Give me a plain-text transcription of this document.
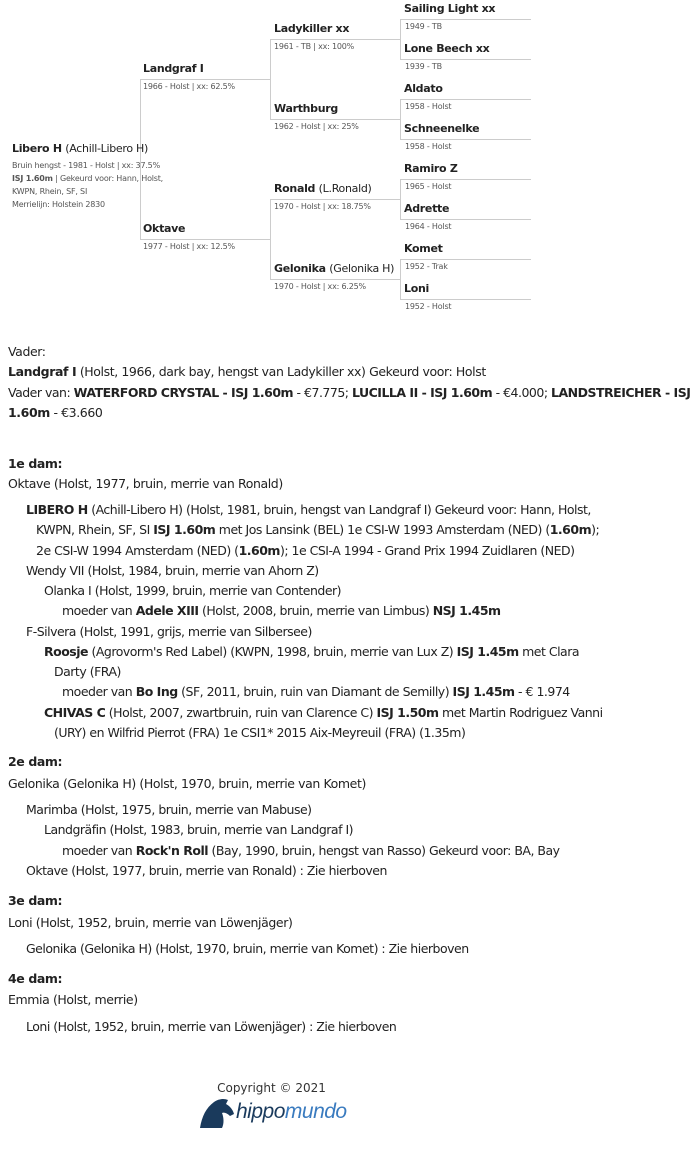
Libero H (Achill-Libero H)
Bruin hengst - 1981 - Holst | xx: 37.5%
ISJ 1.60m | Gekeurd voor: Hann, Holst,
KWPN, Rhein, SF, SI
Merrielijn: Holstein 2830
Landgraf I
1966 - Holst | xx: 62.5%
Oktave
1977 - Holst | xx: 12.5%
Ladykiller xx
1961 - TB | xx: 100%
Warthburg
1962 - Holst | xx: 25%
Ronald (L.Ronald)
1970 - Holst | xx: 18.75%
Gelonika (Gelonika H)
1970 - Holst | xx: 6.25%
Sailing Light xx
1949 - TB
Lone Beech xx
1939 - TB
Aldato
1958 - Holst
Schneenelke
1958 - Holst
Ramiro Z
1965 - Holst
Adrette
1964 - Holst
Komet
1952 - Trak
Loni
1952 - Holst
Vader:
Landgraf I (Holst, 1966, dark bay, hengst van Ladykiller xx) Gekeurd voor: Holst
Vader van: WATERFORD CRYSTAL - ISJ 1.60m - €7.775; LUCILLA II - ISJ 1.60m - €4.000; LANDSTREICHER - ISJ
1.60m - €3.660
1e dam:
Oktave (Holst, 1977, bruin, merrie van Ronald)
LIBERO H (Achill-Libero H) (Holst, 1981, bruin, hengst van Landgraf I) Gekeurd voor: Hann, Holst,
KWPN, Rhein, SF, SI ISJ 1.60m met Jos Lansink (BEL) 1e CSI-W 1993 Amsterdam (NED) (1.60m);
2e CSI-W 1994 Amsterdam (NED) (1.60m); 1e CSI-A 1994 - Grand Prix 1994 Zuidlaren (NED)
Wendy VII (Holst, 1984, bruin, merrie van Ahorn Z)
Olanka I (Holst, 1999, bruin, merrie van Contender)
moeder van Adele XIII (Holst, 2008, bruin, merrie van Limbus) NSJ 1.45m
F-Silvera (Holst, 1991, grijs, merrie van Silbersee)
Roosje (Agrovorm's Red Label) (KWPN, 1998, bruin, merrie van Lux Z) ISJ 1.45m met Clara
Darty (FRA)
moeder van Bo Ing (SF, 2011, bruin, ruin van Diamant de Semilly) ISJ 1.45m - € 1.974
CHIVAS C (Holst, 2007, zwartbruin, ruin van Clarence C) ISJ 1.50m met Martin Rodriguez Vanni
(URY) en Wilfrid Pierrot (FRA) 1e CSI1* 2015 Aix-Meyreuil (FRA) (1.35m)
2e dam:
Gelonika (Gelonika H) (Holst, 1970, bruin, merrie van Komet)
Marimba (Holst, 1975, bruin, merrie van Mabuse)
Landgräfin (Holst, 1983, bruin, merrie van Landgraf I)
moeder van Rock'n Roll (Bay, 1990, bruin, hengst van Rasso) Gekeurd voor: BA, Bay
Oktave (Holst, 1977, bruin, merrie van Ronald) : Zie hierboven
3e dam:
Loni (Holst, 1952, bruin, merrie van Löwenjäger)
Gelonika (Gelonika H) (Holst, 1970, bruin, merrie van Komet) : Zie hierboven
4e dam:
Emmia (Holst, merrie)
Loni (Holst, 1952, bruin, merrie van Löwenjäger) : Zie hierboven
Copyright © 2021
hippomundo
